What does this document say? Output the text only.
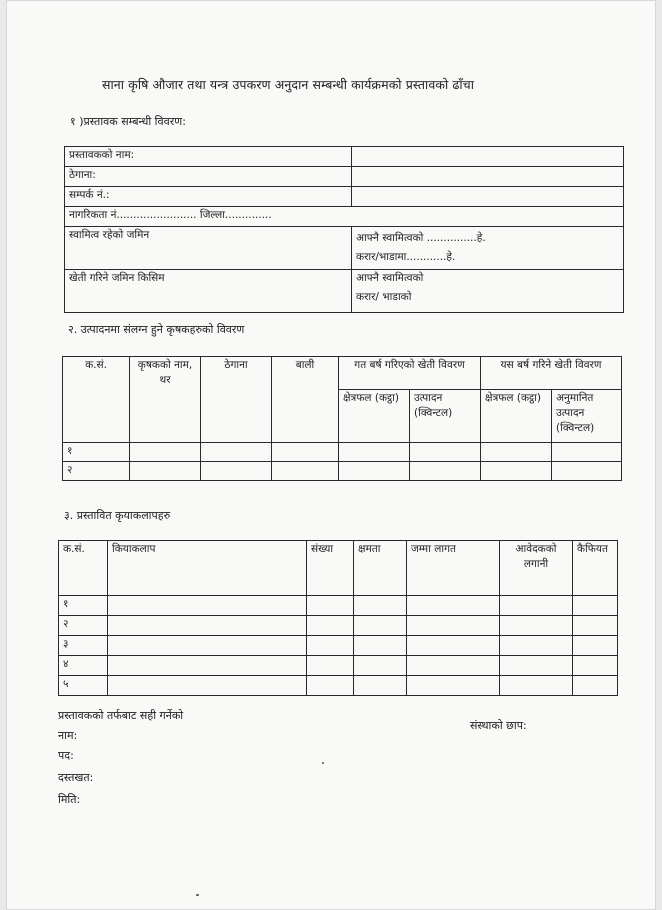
साना कृषि औजार तथा यन्त्र उपकरण अनुदान सम्बन्धी कार्यक्रमको प्रस्तावको ढाँचा
१ )प्रस्तावक सम्बन्धी विवरण:
प्रस्तावकको नाम:	
ठेगाना:	
सम्पर्क नं.:	
नागरिकता नं........................ जिल्ला..............	
स्वामित्व रहेको जमिन	आफ्नै स्वामित्वको ...............हे.
करार/भाडामा............हे.

खेती गरिने जमिन किसिम	आफ्नै स्वामित्वको
करार/ भाडाको
२. उत्पादनमा संलग्न हुने कृषकहरुको विवरण
क.सं.	कृषकको नाम, थर	ठेगाना	बाली	गत बर्ष गरिएको खेती विवरण		यस बर्ष गरिने खेती विवरण	
				क्षेत्रफल (कट्ठा)	उत्पादन (क्विन्टल)	क्षेत्रफल (कट्ठा)	अनुमानित उत्पादन (क्विन्टल)
१							
२							
३. प्रस्तावित कृयाकलापहरु
क.सं.	कियाकलाप	संख्या	क्षमता	जम्मा लागत	आवेदकको लगानी	कैफियत
१						
२						
३						
४						
५						
प्रस्तावकको तर्फबाट सही गर्नेको
नाम:
पद:
दस्तखत:
मिति:
संस्थाको छाप:
